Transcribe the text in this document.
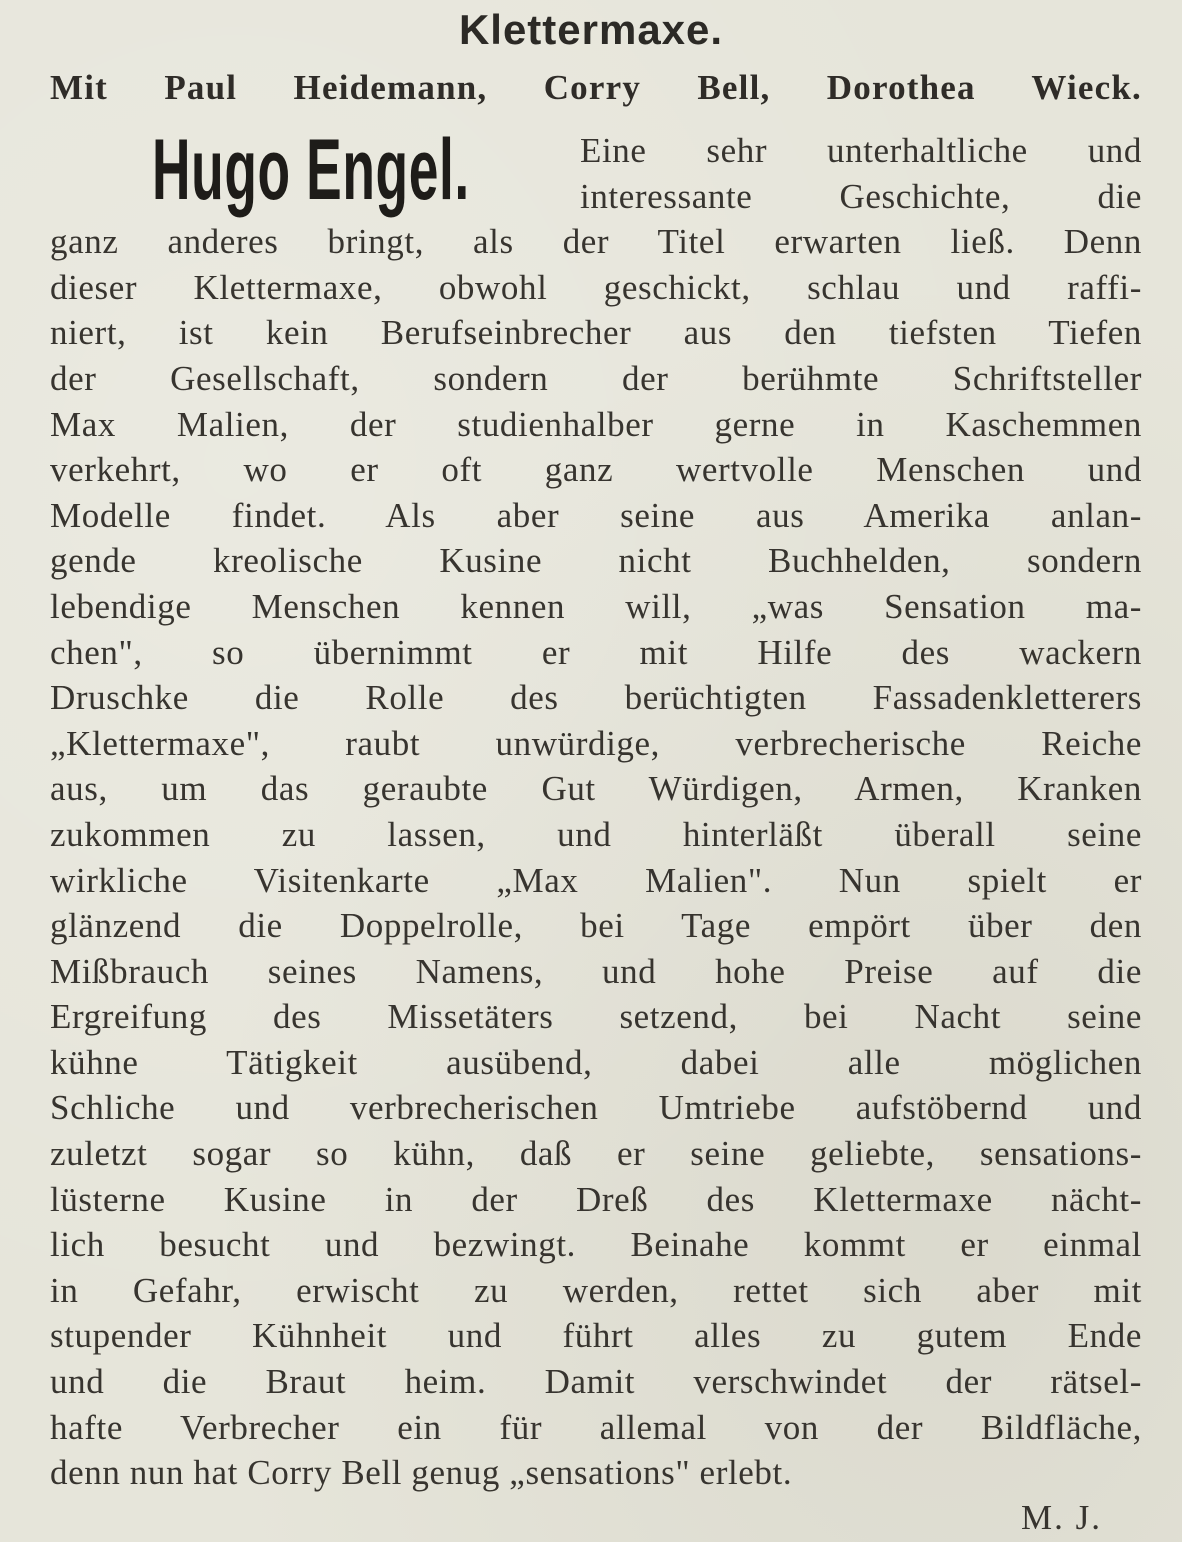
Klettermaxe.
Mit Paul Heidemann, Corry Bell, Dorothea Wieck.
Hugo Engel.	Eine sehr unterhaltliche und
interessante Geschichte, die
ganz anderes bringt, als der Titel erwarten ließ. Denn
dieser Klettermaxe, obwohl geschickt, schlau und raffi-
niert, ist kein Berufseinbrecher aus den tiefsten Tiefen
der Gesellschaft, sondern der berühmte Schriftsteller
Max Malien, der studienhalber gerne in Kaschemmen
verkehrt, wo er oft ganz wertvolle Menschen und
Modelle findet. Als aber seine aus Amerika anlan-
gende kreolische Kusine nicht Buchhelden, sondern
lebendige Menschen kennen will, „was Sensation ma-
chen", so übernimmt er mit Hilfe des wackern
Druschke die Rolle des berüchtigten Fassadenkletterers
„Klettermaxe", raubt unwürdige, verbrecherische Reiche
aus, um das geraubte Gut Würdigen, Armen, Kranken
zukommen zu lassen, und hinterläßt überall seine
wirkliche Visitenkarte „Max Malien". Nun spielt er
glänzend die Doppelrolle, bei Tage empört über den
Mißbrauch seines Namens, und hohe Preise auf die
Ergreifung des Missetäters setzend, bei Nacht seine
kühne Tätigkeit ausübend, dabei alle möglichen
Schliche und verbrecherischen Umtriebe aufstöbernd und
zuletzt sogar so kühn, daß er seine geliebte, sensations-
lüsterne Kusine in der Dreß des Klettermaxe nächt-
lich besucht und bezwingt. Beinahe kommt er einmal
in Gefahr, erwischt zu werden, rettet sich aber mit
stupender Kühnheit und führt alles zu gutem Ende
und die Braut heim. Damit verschwindet der rätsel-
hafte Verbrecher ein für allemal von der Bildfläche,
denn nun hat Corry Bell genug „sensations" erlebt.
M. J.
